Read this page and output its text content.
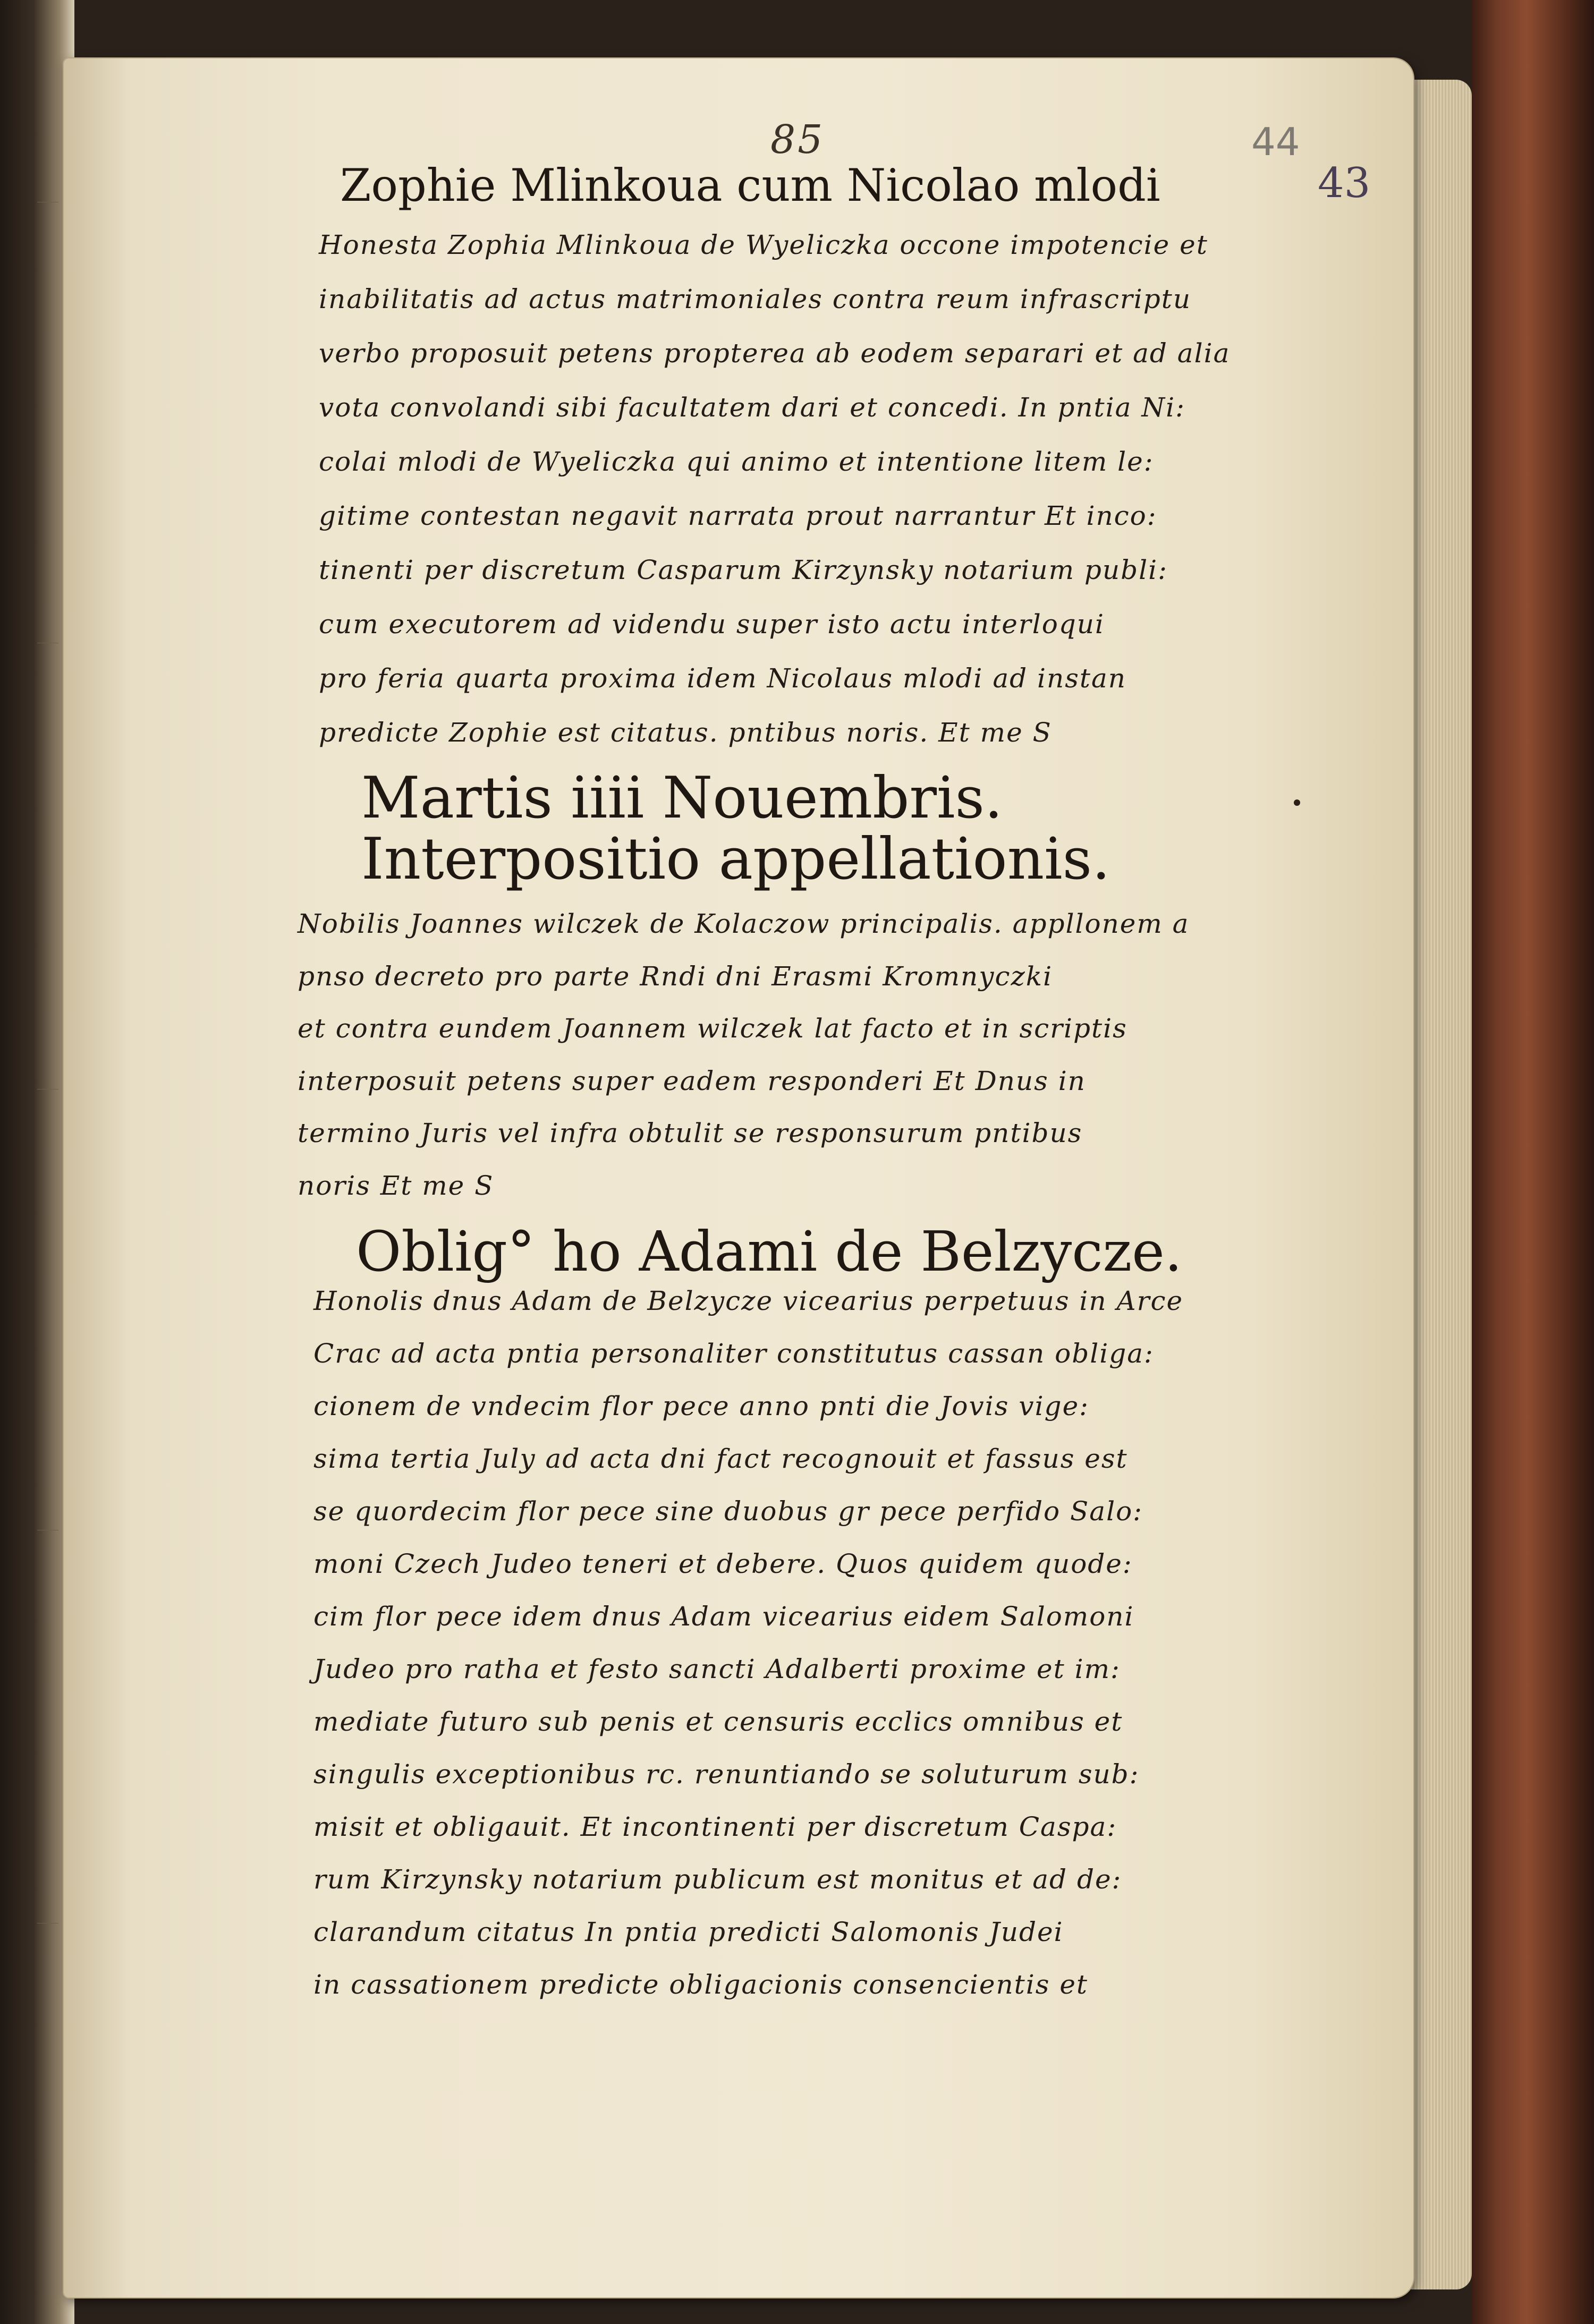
85	44
43
Zophie Mlinkoua cum Nicolao mlodi
Honesta Zophia Mlinkoua de Wyeliczka occone impotencie et
inabilitatis ad actus matrimoniales contra reum infrascriptu
verbo proposuit petens propterea ab eodem separari et ad alia
vota convolandi sibi facultatem dari et concedi. In pntia Ni:
colai mlodi de Wyeliczka qui animo et intentione litem le:
gitime contestan negavit narrata prout narrantur Et inco:
tinenti per discretum Casparum Kirzynsky notarium publi:
cum executorem ad videndu super isto actu interloqui
pro feria quarta proxima idem Nicolaus mlodi ad instan
predicte Zophie est citatus. pntibus noris. Et me S
Martis iiii Nouembris.
Interpositio appellationis.
Nobilis Joannes wilczek de Kolaczow principalis. appllonem a
pnso decreto pro parte Rndi dni Erasmi Kromnyczki
et contra eundem Joannem wilczek lat facto et in scriptis
interposuit petens super eadem responderi Et Dnus in
termino Juris vel infra obtulit se responsurum pntibus
noris Et me S
Oblig° ho Adami de Belzycze.
Honolis dnus Adam de Belzycze vicearius perpetuus in Arce
Crac ad acta pntia personaliter constitutus cassan obliga:
cionem de vndecim flor pece anno pnti die Jovis vige:
sima tertia July ad acta dni fact recognouit et fassus est
se quordecim flor pece sine duobus gr pece perfido Salo:
moni Czech Judeo teneri et debere. Quos quidem quode:
cim flor pece idem dnus Adam vicearius eidem Salomoni
Judeo pro ratha et festo sancti Adalberti proxime et im:
mediate futuro sub penis et censuris ecclics omnibus et
singulis exceptionibus rc. renuntiando se soluturum sub:
misit et obligauit. Et incontinenti per discretum Caspa:
rum Kirzynsky notarium publicum est monitus et ad de:
clarandum citatus In pntia predicti Salomonis Judei
in cassationem predicte obligacionis consencientis et
